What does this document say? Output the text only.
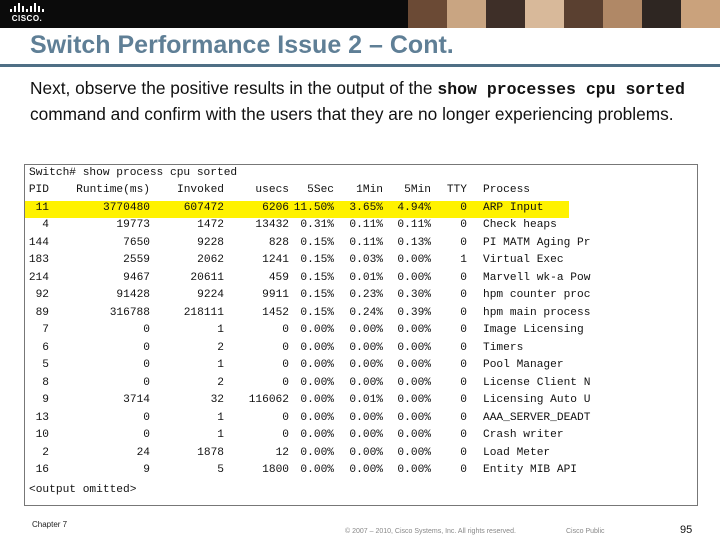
CISCO.
Switch Performance Issue 2 – Cont.
Next, observe the positive results in the output of the show processes cpu sorted command and confirm with the users that they are no longer experiencing problems.
Switch# show process cpu sorted
<output omitted>
PID Runtime(ms) Invoked	usecs 5Sec 1Min 5Min TTY Process
11	3770480	607472	6206 11.50% 3.65% 4.94%	0 ARP Input
4	19773	1472	13432 0.31% 0.11% 0.11%	0 Check heaps
144	7650	9228	828 0.15% 0.11% 0.13%	0 PI MATM Aging Pr
183	2559	2062	1241 0.15% 0.03% 0.00%	1 Virtual Exec
214	9467	20611	459 0.15% 0.01% 0.00%	0 Marvell wk-a Pow
92	91428	9224	9911 0.15% 0.23% 0.30%	0 hpm counter proc
89	316788	218111	1452 0.15% 0.24% 0.39%	0 hpm main process
7	0	1	0 0.00% 0.00% 0.00%	0 Image Licensing
6	0	2	0 0.00% 0.00% 0.00%	0 Timers
5	0	1	0 0.00% 0.00% 0.00%	0 Pool Manager
8	0	2	0 0.00% 0.00% 0.00%	0 License Client N
9	3714	32 116062 0.00% 0.01% 0.00%	0 Licensing Auto U
13	0	1	0 0.00% 0.00% 0.00%	0 AAA_SERVER_DEADT
10	0	1	0 0.00% 0.00% 0.00%	0 Crash writer
2	24	1878	12 0.00% 0.00% 0.00%	0 Load Meter
16	9	5	1800 0.00% 0.00% 0.00%	0 Entity MIB API
Chapter 7
© 2007 – 2010, Cisco Systems, Inc. All rights reserved.	Cisco Public	95
